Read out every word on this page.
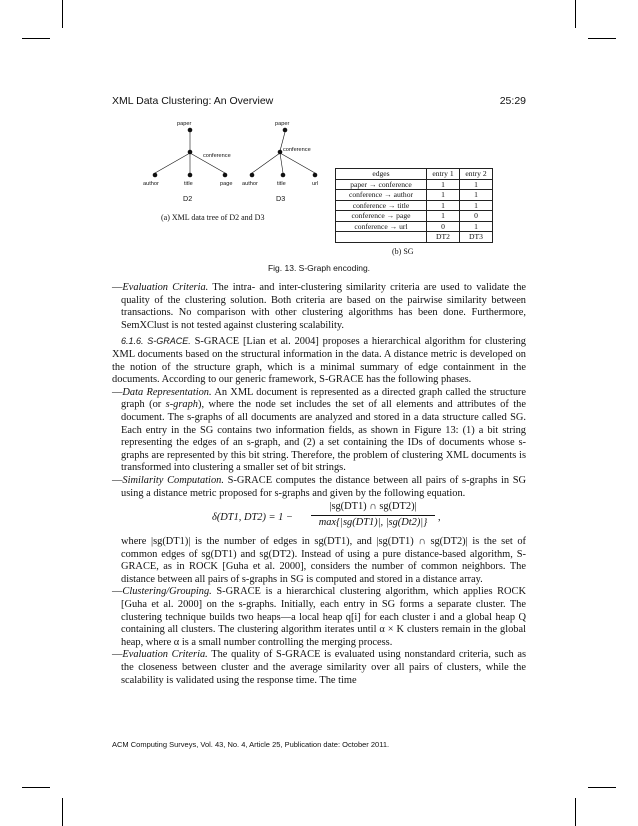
XML Data Clustering: An Overview	25:29
paper
conference
author	title	page
paper
conference
author	title	url
D2	D3
(a) XML data tree of D2 and D3
edges	entry 1	entry 2
paper → conference	1	1
conference → author	1	1
conference → title	1	1
conference → page	1	0
conference → url	0	1
	DT2	DT3
(b) SG
Fig. 13. S-Graph encoding.

—Evaluation Criteria. The intra- and inter-clustering similarity criteria are used to validate the quality of the clustering solution. Both criteria are based on the pairwise similarity between transactions. No comparison with other clustering algorithms has been done. Furthermore, SemXClust is not tested against clustering scalability.

6.1.6. S-GRACE. S-GRACE [Lian et al. 2004] proposes a hierarchical algorithm for clustering XML documents based on the structural information in the data. A distance metric is developed on the notion of the structure graph, which is a minimal summary of edge containment in the documents. According to our generic framework, S-GRACE has the following phases.

—Data Representation. An XML document is represented as a directed graph called the structure graph (or s-graph), where the node set includes the set of all elements and attributes of the document. The s-graphs of all documents are analyzed and stored in a data structure called SG. Each entry in the SG contains two information fields, as shown in Figure 13: (1) a bit string representing the edges of an s-graph, and (2) a set containing the IDs of documents whose s-graphs are represented by this bit string. Therefore, the problem of clustering XML documents is transformed into clustering a smaller set of bit strings.

—Similarity Computation. S-GRACE computes the distance between all pairs of s-graphs in SG using a distance metric proposed for s-graphs and given by the following equation.

δ(DT1, DT2) = 1 −
|sg(DT1) ∩ sg(DT2)|
max{|sg(DT1)|, |sg(Dt2)|}	,

where |sg(DT1)| is the number of edges in sg(DT1), and |sg(DT1) ∩ sg(DT2)| is the set of common edges of sg(DT1) and sg(DT2). Instead of using a pure distance-based algorithm, S-GRACE, as in ROCK [Guha et al. 2000], considers the number of common neighbors. The distance between all pairs of s-graphs in SG is computed and stored in a distance array.

—Clustering/Grouping. S-GRACE is a hierarchical clustering algorithm, which applies ROCK [Guha et al. 2000] on the s-graphs. Initially, each entry in SG forms a separate cluster. The clustering technique builds two heaps—a local heap q[i] for each cluster i and a global heap Q containing all clusters. The clustering algorithm iterates until α × K clusters remain in the global heap, where α is a small number controlling the merging process.

—Evaluation Criteria. The quality of S-GRACE is evaluated using nonstandard criteria, such as the closeness between cluster and the average similarity over all pairs of clusters, while the scalability is validated using the response time. The time

ACM Computing Surveys, Vol. 43, No. 4, Article 25, Publication date: October 2011.
